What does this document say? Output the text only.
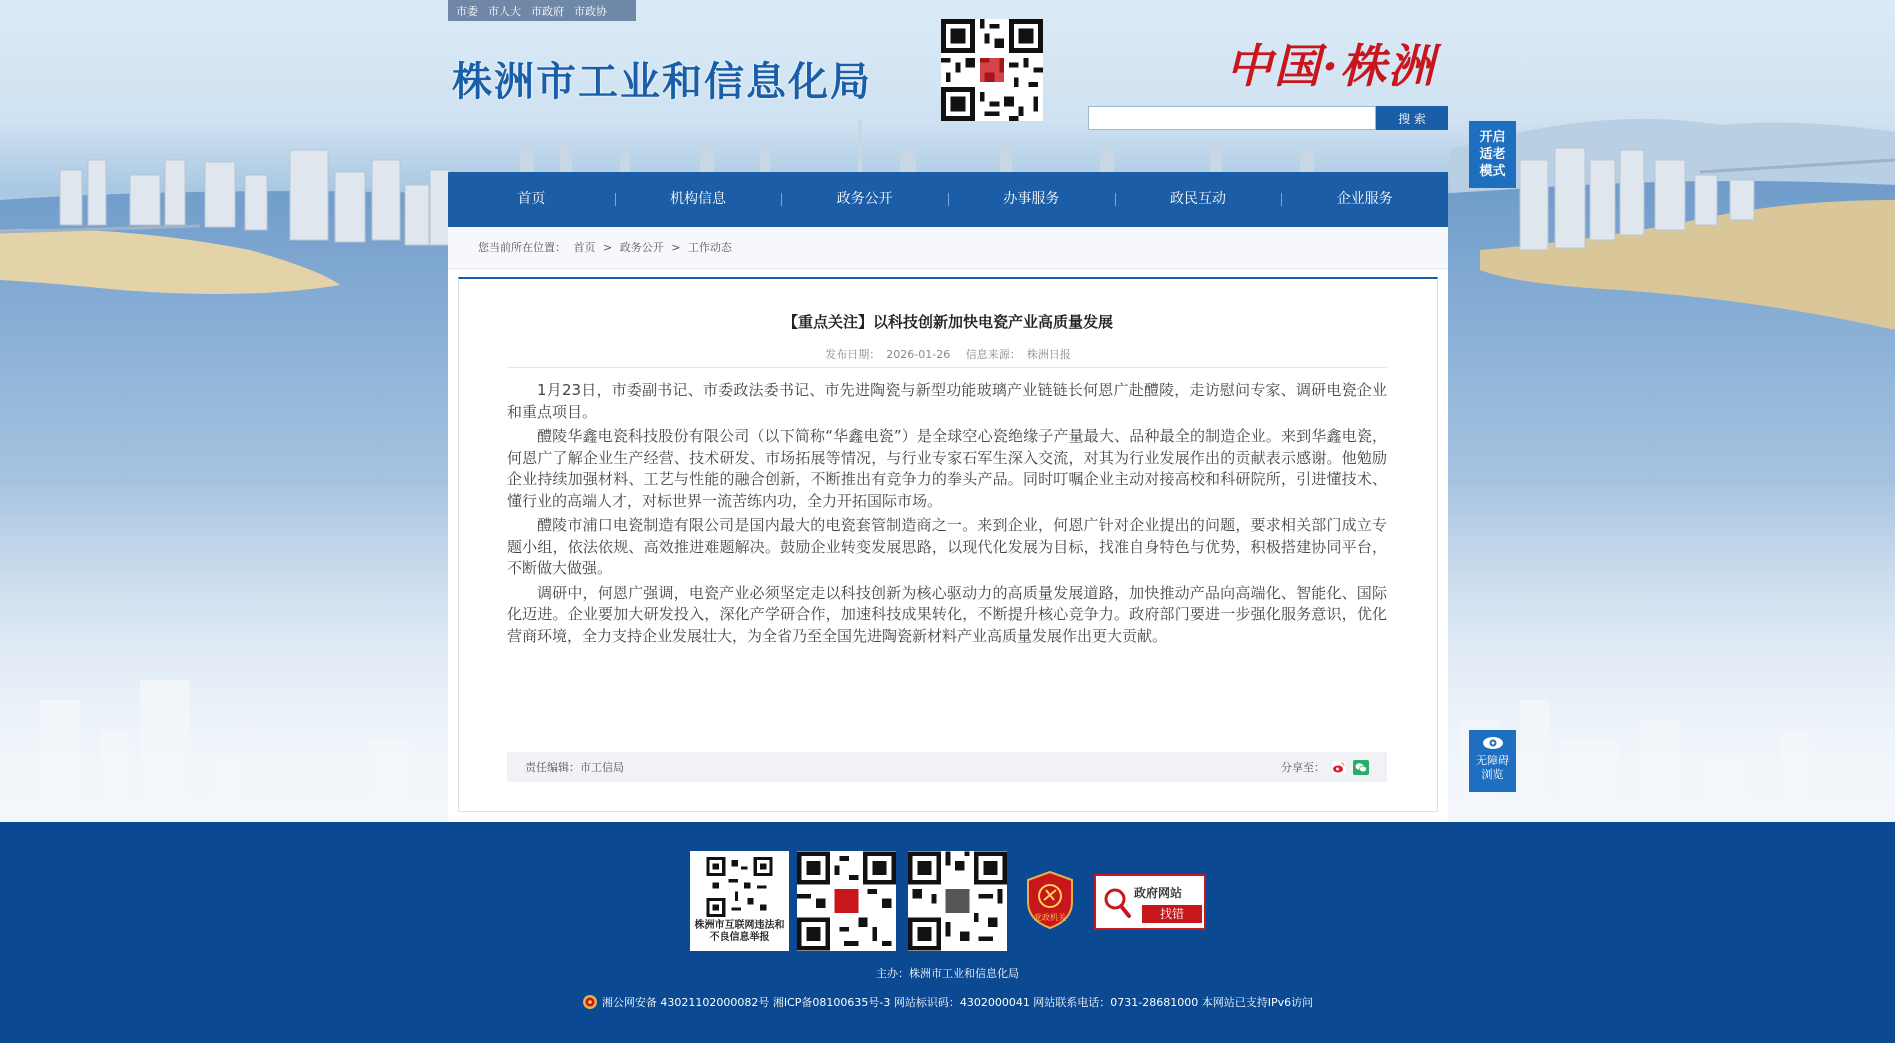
市委 市人大 市政府 市政协
株洲市工业和信息化局	中国·株洲
搜 索
开启
适老
模式
首页	机构信息	政务公开	办事服务	政民互动	企业服务
您当前所在位置： 首页 > 政务公开 > 工作动态
【重点关注】以科技创新加快电瓷产业高质量发展
发布日期： 2026-01-26 信息来源： 株洲日报

1月23日，市委副书记、市委政法委书记、市先进陶瓷与新型功能玻璃产业链链长何恩广赴醴陵，走访慰问专家、调研电瓷企业和重点项目。

醴陵华鑫电瓷科技股份有限公司（以下简称“华鑫电瓷”）是全球空心瓷绝缘子产量最大、品种最全的制造企业。来到华鑫电瓷，何恩广了解企业生产经营、技术研发、市场拓展等情况，与行业专家石军生深入交流，对其为行业发展作出的贡献表示感谢。他勉励企业持续加强材料、工艺与性能的融合创新，不断推出有竞争力的拳头产品。同时叮嘱企业主动对接高校和科研院所，引进懂技术、懂行业的高端人才，对标世界一流苦练内功，全力开拓国际市场。

醴陵市浦口电瓷制造有限公司是国内最大的电瓷套管制造商之一。来到企业，何恩广针对企业提出的问题，要求相关部门成立专题小组，依法依规、高效推进难题解决。鼓励企业转变发展思路，以现代化发展为目标，找准自身特色与优势，积极搭建协同平台，不断做大做强。

调研中，何恩广强调，电瓷产业必须坚定走以科技创新为核心驱动力的高质量发展道路，加快推动产品向高端化、智能化、国际化迈进。企业要加大研发投入，深化产学研合作，加速科技成果转化，不断提升核心竞争力。政府部门要进一步强化服务意识，优化营商环境，全力支持企业发展壮大，为全省乃至全国先进陶瓷新材料产业高质量发展作出更大贡献。

责任编辑：市工信局	分享至：
无障碍
浏览
株洲市互联网违法和不良信息举报
党政机关
政府网站
找错
主办：株洲市工业和信息化局
湘公网安备 43021102000082号 湘ICP备08100635号-3 网站标识码：4302000041 网站联系电话：0731-28681000 本网站已支持IPv6访问
